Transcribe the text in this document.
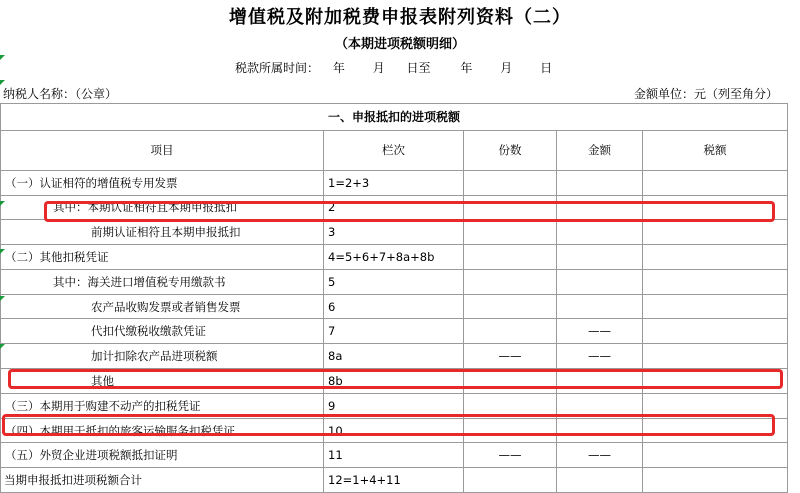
增值税及附加税费申报表附列资料（二）
（本期进项税额明细）
税款所属时间： 年 月 日至 年 月 日
纳税人名称：（公章）	金额单位：元（列至角分）
一、申报抵扣的进项税额				
项目	栏次	份数	金额	税额
（一）认证相符的增值税专用发票	1=2+3			
其中：本期认证相符且本期申报抵扣	2			
前期认证相符且本期申报抵扣	3			
（二）其他扣税凭证	4=5+6+7+8a+8b			
其中：海关进口增值税专用缴款书	5			
农产品收购发票或者销售发票	6			
代扣代缴税收缴款凭证	7		——	
加计扣除农产品进项税额	8a	——	——	
其他	8b			
（三）本期用于购建不动产的扣税凭证	9			
（四）本期用于抵扣的旅客运输服务扣税凭证	10			
（五）外贸企业进项税额抵扣证明	11	——	——	
当期申报抵扣进项税额合计	12=1+4+11			
